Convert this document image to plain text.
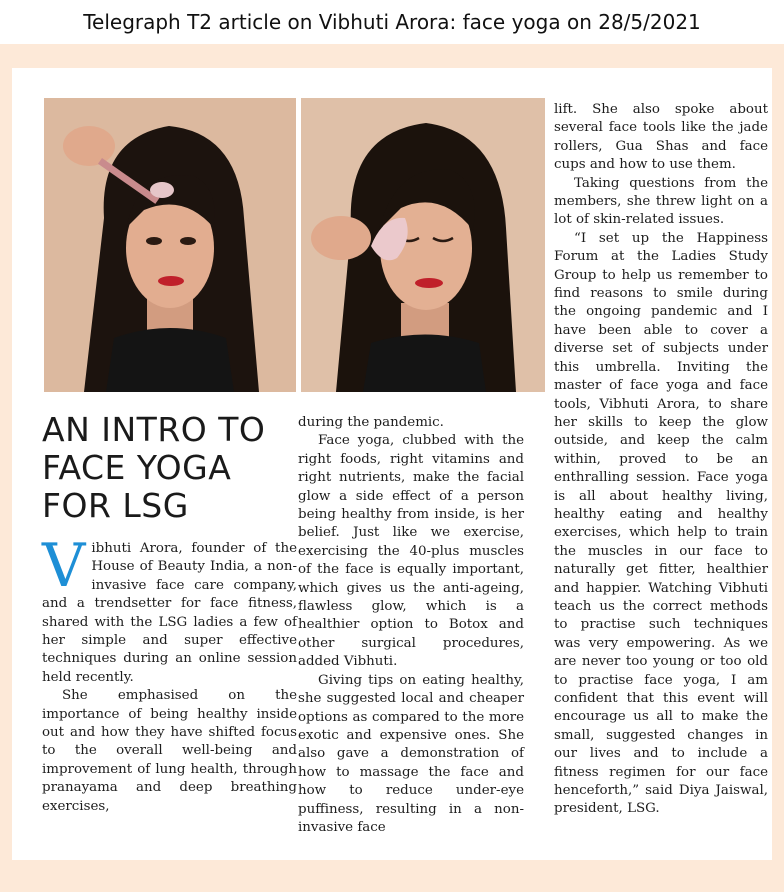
Telegraph T2 article on Vibhuti Arora: face yoga on 28/5/2021
AN INTRO TO FACE YOGA FOR LSG

Vibhuti Arora, founder of the House of Beauty India, a non-invasive face care company, and a trendsetter for face fitness, shared with the LSG ladies a few of her simple and super effective techniques during an online session held recently.

She emphasised on the importance of being healthy inside out and how they have shifted focus to the overall well-being and improvement of lung health, through pranayama and deep breathing exercises,

during the pandemic.

Face yoga, clubbed with the right foods, right vitamins and right nutrients, make the facial glow a side effect of a person being healthy from inside, is her belief. Just like we exercise, exercising the 40-plus muscles of the face is equally important, which gives us the anti-ageing, flawless glow, which is a healthier option to Botox and other surgical procedures, added Vibhuti.

Giving tips on eating healthy, she suggested local and cheaper options as compared to the more exotic and expensive ones. She also gave a demonstration of how to massage the face and how to reduce under-eye puffiness, resulting in a non-invasive face

lift. She also spoke about several face tools like the jade rollers, Gua Shas and face cups and how to use them.

Taking questions from the members, she threw light on a lot of skin-related issues.

“I set up the Happiness Forum at the Ladies Study Group to help us remember to find reasons to smile during the ongoing pandemic and I have been able to cover a diverse set of subjects under this umbrella. Inviting the master of face yoga and face tools, Vibhuti Arora, to share her skills to keep the glow outside, and keep the calm within, proved to be an enthralling session. Face yoga is all about healthy living, healthy eating and healthy exercises, which help to train the muscles in our face to naturally get fitter, healthier and happier. Watching Vibhuti teach us the correct methods to practise such techniques was very empowering. As we are never too young or too old to practise face yoga, I am confident that this event will encourage us all to make the small, suggested changes in our lives and to include a fitness regimen for our face henceforth,” said Diya Jaiswal, president, LSG.
